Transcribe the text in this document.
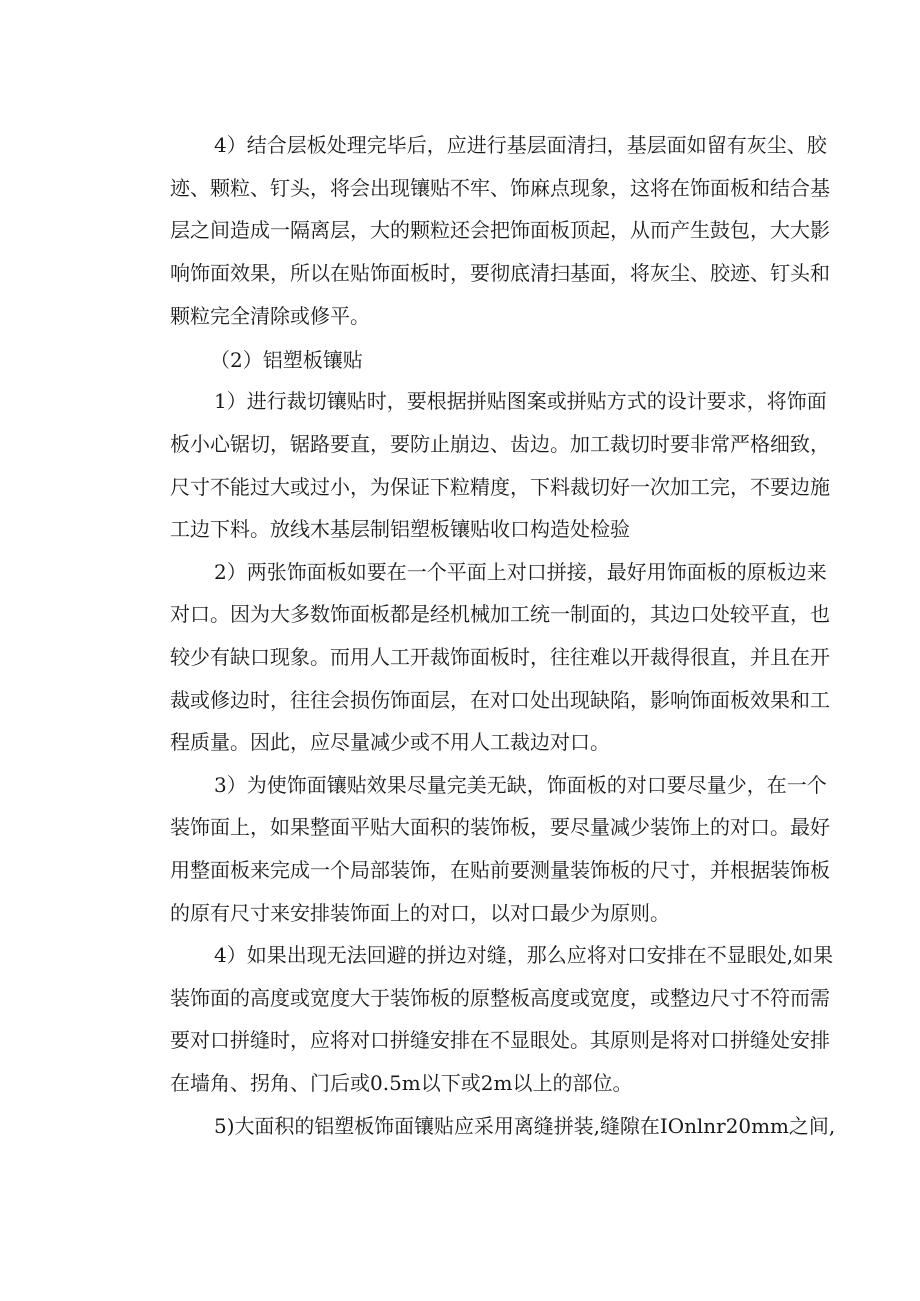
4）结合层板处理完毕后，应进行基层面清扫，基层面如留有灰尘、胶

迹、颗粒、钉头，将会出现镶贴不牢、饰麻点现象，这将在饰面板和结合基

层之间造成一隔离层，大的颗粒还会把饰面板顶起，从而产生鼓包，大大影

响饰面效果，所以在贴饰面板时，要彻底清扫基面，将灰尘、胶迹、钉头和

颗粒完全清除或修平。

（2）铝塑板镶贴

1）进行裁切镶贴时，要根据拼贴图案或拼贴方式的设计要求，将饰面

板小心锯切，锯路要直，要防止崩边、齿边。加工裁切时要非常严格细致，

尺寸不能过大或过小，为保证下粒精度，下料裁切好一次加工完，不要边施

工边下料。放线木基层制铝塑板镶贴收口构造处检验

2）两张饰面板如要在一个平面上对口拼接，最好用饰面板的原板边来

对口。因为大多数饰面板都是经机械加工统一制面的，其边口处较平直，也

较少有缺口现象。而用人工开裁饰面板时，往往难以开裁得很直，并且在开

裁或修边时，往往会损伤饰面层，在对口处出现缺陷，影响饰面板效果和工

程质量。因此，应尽量减少或不用人工裁边对口。

3）为使饰面镶贴效果尽量完美无缺，饰面板的对口要尽量少，在一个

装饰面上，如果整面平贴大面积的装饰板，要尽量减少装饰上的对口。最好

用整面板来完成一个局部装饰，在贴前要测量装饰板的尺寸，并根据装饰板

的原有尺寸来安排装饰面上的对口，以对口最少为原则。

4）如果出现无法回避的拼边对缝，那么应将对口安排在不显眼处,如果

装饰面的高度或宽度大于装饰板的原整板高度或宽度，或整边尺寸不符而需

要对口拼缝时，应将对口拼缝安排在不显眼处。其原则是将对口拼缝处安排

在墙角、拐角、门后或0.5m以下或2m以上的部位。

5)大面积的铝塑板饰面镶贴应采用离缝拼装,缝隙在IOnlnr20mm之间,
